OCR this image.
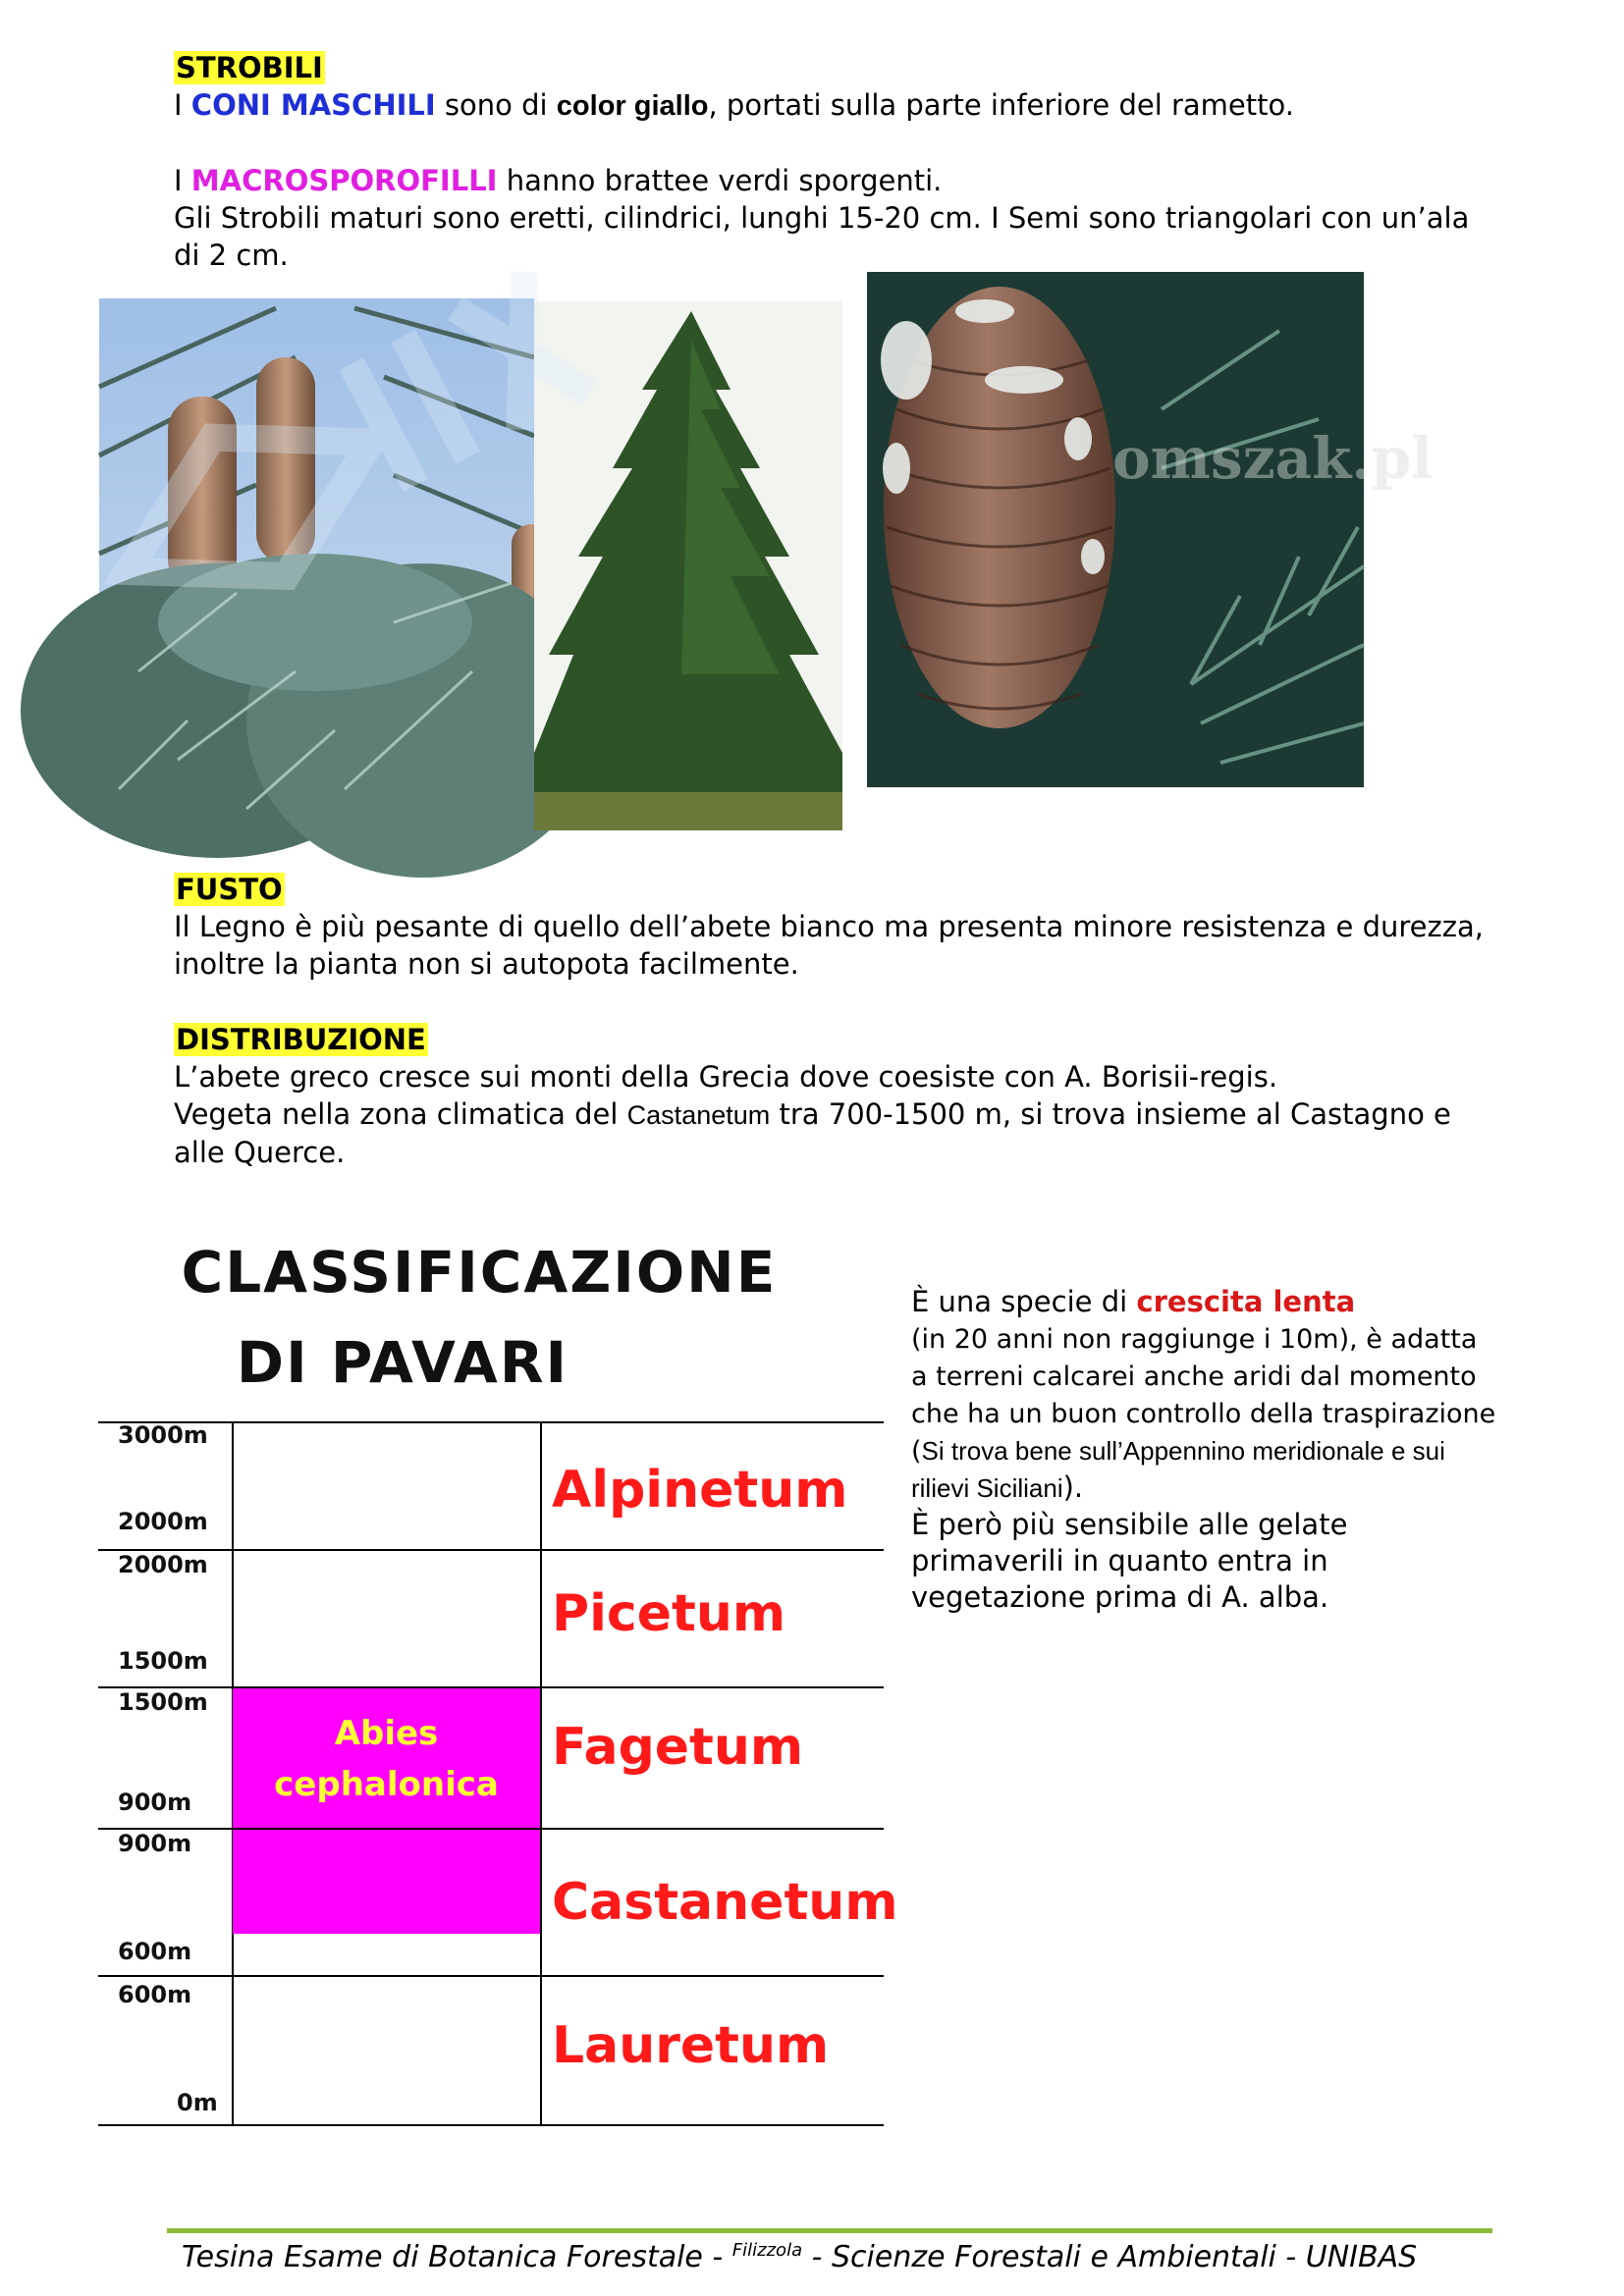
STROBILI

I CONI MASCHILI sono di color giallo, portati sulla parte inferiore del rametto.

I MACROSPOROFILLI hanno brattee verdi sporgenti.

Gli Strobili maturi sono eretti, cilindrici, lunghi 15-20 cm. I Semi sono triangolari con un’ala di 2 cm.

omszak.pl

FUSTO

Il Legno è più pesante di quello dell’abete bianco ma presenta minore resistenza e durezza, inoltre la pianta non si autopota facilmente.

DISTRIBUZIONE

L’abete greco cresce sui monti della Grecia dove coesiste con A. Borisii-regis.

Vegeta nella zona climatica del Castanetum tra 700-1500 m, si trova insieme al Castagno e alle Querce.

CLASSIFICAZIONE
DI PAVARI
Alpinetum
3000m
2000m
Picetum
2000m
1500m
Fagetum
1500m
900m
Castanetum
900m
600m
Lauretum
600m
0m
Abies
cephalonica

È una specie di crescita lenta
(in 20 anni non raggiunge i 10m), è adatta a terreni calcarei anche aridi dal momento che ha un buon controllo della traspirazione (Si trova bene sull’Appennino meridionale e sui rilievi Siciliani).

È però più sensibile alle gelate primaverili in quanto entra in vegetazione prima di A. alba.

Tesina Esame di Botanica Forestale - $^{Filizzola}$ - Scienze Forestali e Ambientali - UNIBAS
